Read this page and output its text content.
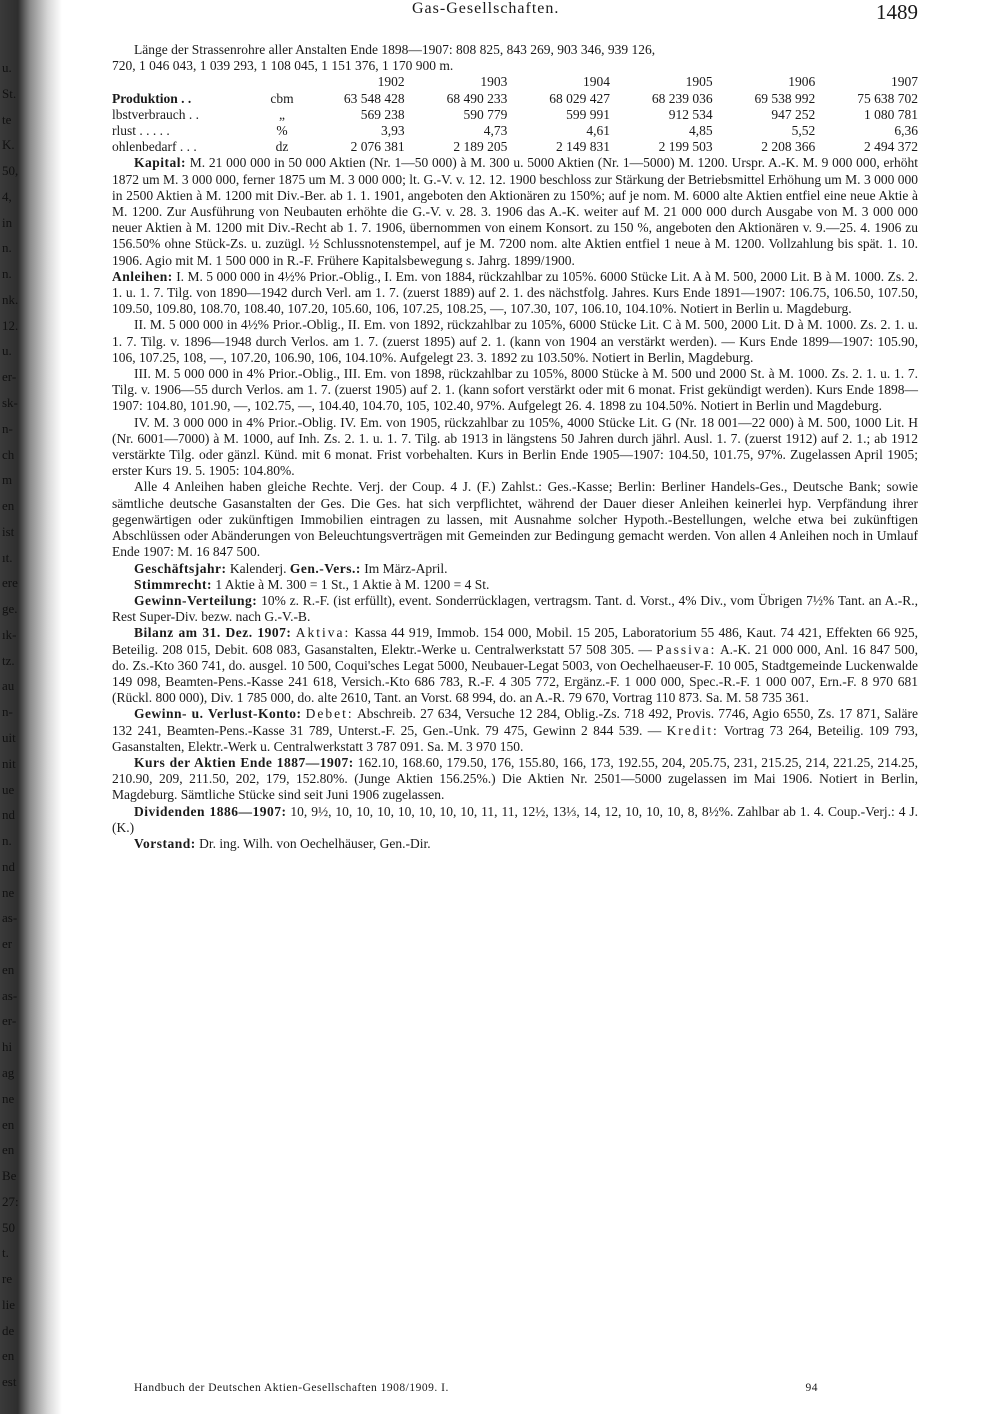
u.
St.
te
K.
50,
4,
in
n.
n.
nk.
12.
u.
er-
sk-
n-
ch
m
en
ist
ıt.
ere
ge.
ık-
tz.
au
n-
uit
nit
ue
nd
n.
nd
ne
as-
er
en
as-
er-
hi
ag
ne
en
en
Be
27:
50
t.
re
lie
de
en
est
Gas-Gesellschaften.	1489

Länge der Strassenrohre aller Anstalten Ende 1898—1907: 808 825, 843 269, 903 346, 939 126,

720, 1 046 043, 1 039 293, 1 108 045, 1 151 376, 1 170 900 m.

		1902	1903	1904	1905	1906	1907
Produktion . .	cbm	63 548 428	68 490 233	68 029 427	68 239 036	69 538 992	75 638 702
lbstverbrauch . .	„	569 238	590 779	599 991	912 534	947 252	1 080 781
rlust . . . . .	%	3,93	4,73	4,61	4,85	5,52	6,36
ohlenbedarf . . .	dz	2 076 381	2 189 205	2 149 831	2 199 503	2 208 366	2 494 372

Kapital: M. 21 000 000 in 50 000 Aktien (Nr. 1—50 000) à M. 300 u. 5000 Aktien (Nr. 1—5000) M. 1200. Urspr. A.-K. M. 9 000 000, erhöht 1872 um M. 3 000 000, ferner 1875 um M. 3 000 000; lt. G.-V. v. 12. 12. 1900 beschloss zur Stärkung der Betriebsmittel Erhöhung um M. 3 000 000 in 2500 Aktien à M. 1200 mit Div.-Ber. ab 1. 1. 1901, angeboten den Aktionären zu 150%; auf je nom. M. 6000 alte Aktien entfiel eine neue Aktie à M. 1200. Zur Ausführung von Neubauten erhöhte die G.-V. v. 28. 3. 1906 das A.-K. weiter auf M. 21 000 000 durch Ausgabe von M. 3 000 000 neuer Aktien à M. 1200 mit Div.-Recht ab 1. 7. 1906, übernommen von einem Konsort. zu 150 %, angeboten den Aktionären v. 9.—25. 4. 1906 zu 156.50% ohne Stück-Zs. u. zuzügl. ½ Schlussnotenstempel, auf je M. 7200 nom. alte Aktien entfiel 1 neue à M. 1200. Vollzahlung bis spät. 1. 10. 1906. Agio mit M. 1 500 000 in R.-F. Frühere Kapitalsbewegung s. Jahrg. 1899/1900.

Anleihen: I. M. 5 000 000 in 4½% Prior.-Oblig., I. Em. von 1884, rückzahlbar zu 105%. 6000 Stücke Lit. A à M. 500, 2000 Lit. B à M. 1000. Zs. 2. 1. u. 1. 7. Tilg. von 1890—1942 durch Verl. am 1. 7. (zuerst 1889) auf 2. 1. des nächstfolg. Jahres. Kurs Ende 1891—1907: 106.75, 106.50, 107.50, 109.50, 109.80, 108.70, 108.40, 107.20, 105.60, 106, 107.25, 108.25, —, 107.30, 107, 106.10, 104.10%. Notiert in Berlin u. Magdeburg.

II. M. 5 000 000 in 4½% Prior.-Oblig., II. Em. von 1892, rückzahlbar zu 105%, 6000 Stücke Lit. C à M. 500, 2000 Lit. D à M. 1000. Zs. 2. 1. u. 1. 7. Tilg. v. 1896—1948 durch Verlos. am 1. 7. (zuerst 1895) auf 2. 1. (kann von 1904 an verstärkt werden). — Kurs Ende 1899—1907: 105.90, 106, 107.25, 108, —, 107.20, 106.90, 106, 104.10%. Aufgelegt 23. 3. 1892 zu 103.50%. Notiert in Berlin, Magdeburg.

III. M. 5 000 000 in 4% Prior.-Oblig., III. Em. von 1898, rückzahlbar zu 105%, 8000 Stücke à M. 500 und 2000 St. à M. 1000. Zs. 2. 1. u. 1. 7. Tilg. v. 1906—55 durch Verlos. am 1. 7. (zuerst 1905) auf 2. 1. (kann sofort verstärkt oder mit 6 monat. Frist gekündigt werden). Kurs Ende 1898—1907: 104.80, 101.90, —, 102.75, —, 104.40, 104.70, 105, 102.40, 97%. Aufgelegt 26. 4. 1898 zu 104.50%. Notiert in Berlin und Magdeburg.

IV. M. 3 000 000 in 4% Prior.-Oblig. IV. Em. von 1905, rückzahlbar zu 105%, 4000 Stücke Lit. G (Nr. 18 001—22 000) à M. 500, 1000 Lit. H (Nr. 6001—7000) à M. 1000, auf Inh. Zs. 2. 1. u. 1. 7. Tilg. ab 1913 in längstens 50 Jahren durch jährl. Ausl. 1. 7. (zuerst 1912) auf 2. 1.; ab 1912 verstärkte Tilg. oder gänzl. Künd. mit 6 monat. Frist vorbehalten. Kurs in Berlin Ende 1905—1907: 104.50, 101.75, 97%. Zugelassen April 1905; erster Kurs 19. 5. 1905: 104.80%.

Alle 4 Anleihen haben gleiche Rechte. Verj. der Coup. 4 J. (F.) Zahlst.: Ges.-Kasse; Berlin: Berliner Handels-Ges., Deutsche Bank; sowie sämtliche deutsche Gasanstalten der Ges. Die Ges. hat sich verpflichtet, während der Dauer dieser Anleihen keinerlei hyp. Verpfändung ihrer gegenwärtigen oder zukünftigen Immobilien eintragen zu lassen, mit Ausnahme solcher Hypoth.-Bestellungen, welche etwa bei zukünftigen Abschlüssen oder Abänderungen von Beleuchtungsverträgen mit Gemeinden zur Bedingung gemacht werden. Von allen 4 Anleihen noch in Umlauf Ende 1907: M. 16 847 500.

Geschäftsjahr: Kalenderj. Gen.-Vers.: Im März-April.

Stimmrecht: 1 Aktie à M. 300 = 1 St., 1 Aktie à M. 1200 = 4 St.

Gewinn-Verteilung: 10% z. R.-F. (ist erfüllt), event. Sonderrücklagen, vertragsm. Tant. d. Vorst., 4% Div., vom Übrigen 7½% Tant. an A.-R., Rest Super-Div. bezw. nach G.-V.-B.

Bilanz am 31. Dez. 1907: Aktiva: Kassa 44 919, Immob. 154 000, Mobil. 15 205, Laboratorium 55 486, Kaut. 74 421, Effekten 66 925, Beteilig. 208 015, Debit. 608 083, Gasanstalten, Elektr.-Werke u. Centralwerkstatt 57 508 305. — Passiva: A.-K. 21 000 000, Anl. 16 847 500, do. Zs.-Kto 360 741, do. ausgel. 10 500, Coqui'sches Legat 5000, Neubauer-Legat 5003, von Oechelhaeuser-F. 10 005, Stadtgemeinde Luckenwalde 149 098, Beamten-Pens.-Kasse 241 618, Versich.-Kto 686 783, R.-F. 4 305 772, Ergänz.-F. 1 000 000, Spec.-R.-F. 1 000 007, Ern.-F. 8 970 681 (Rückl. 800 000), Div. 1 785 000, do. alte 2610, Tant. an Vorst. 68 994, do. an A.-R. 79 670, Vortrag 110 873. Sa. M. 58 735 361.

Gewinn- u. Verlust-Konto: Debet: Abschreib. 27 634, Versuche 12 284, Oblig.-Zs. 718 492, Provis. 7746, Agio 6550, Zs. 17 871, Saläre 132 241, Beamten-Pens.-Kasse 31 789, Unterst.-F. 25, Gen.-Unk. 79 475, Gewinn 2 844 539. — Kredit: Vortrag 73 264, Beteilig. 109 793, Gasanstalten, Elektr.-Werk u. Centralwerkstatt 3 787 091. Sa. M. 3 970 150.

Kurs der Aktien Ende 1887—1907: 162.10, 168.60, 179.50, 176, 155.80, 166, 173, 192.55, 204, 205.75, 231, 215.25, 214, 221.25, 214.25, 210.90, 209, 211.50, 202, 179, 152.80%. (Junge Aktien 156.25%.) Die Aktien Nr. 2501—5000 zugelassen im Mai 1906. Notiert in Berlin, Magdeburg. Sämtliche Stücke sind seit Juni 1906 zugelassen.

Dividenden 1886—1907: 10, 9½, 10, 10, 10, 10, 10, 10, 10, 11, 11, 12½, 13⅓, 14, 12, 10, 10, 10, 8, 8½%. Zahlbar ab 1. 4. Coup.-Verj.: 4 J. (K.)

Vorstand: Dr. ing. Wilh. von Oechelhäuser, Gen.-Dir.

Handbuch der Deutschen Aktien-Gesellschaften 1908/1909. I.	94
